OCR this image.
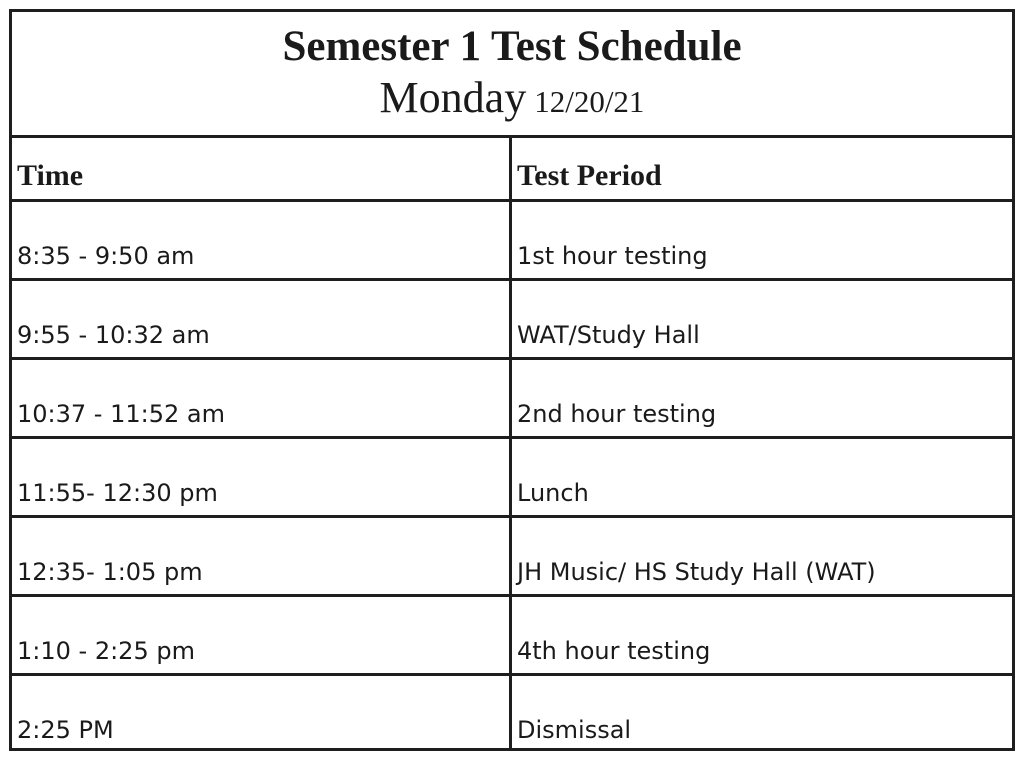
Semester 1 Test Schedule
Monday 12/20/21
Time	Test Period
8:35 - 9:50 am	1st hour testing
9:55 - 10:32 am	WAT/Study Hall
10:37 - 11:52 am	2nd hour testing
11:55- 12:30 pm	Lunch
12:35- 1:05 pm	JH Music/ HS Study Hall (WAT)
1:10 - 2:25 pm	4th hour testing
2:25 PM	Dismissal
